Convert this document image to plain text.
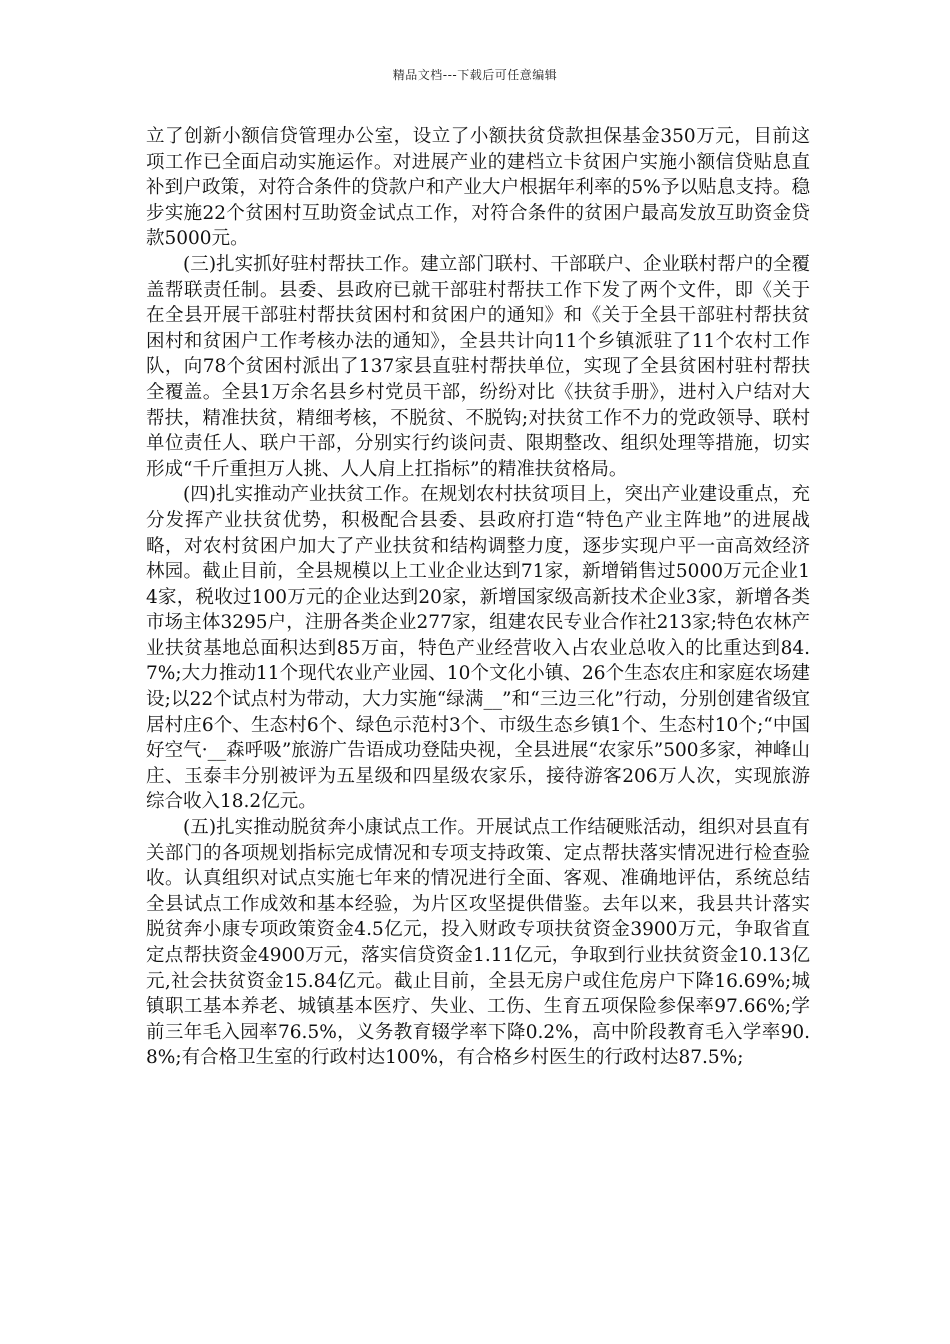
精品文档---下载后可任意编辑

立了创新小额信贷管理办公室，设立了小额扶贫贷款担保基金350万元，目前这项工作已全面启动实施运作。对进展产业的建档立卡贫困户实施小额信贷贴息直补到户政策，对符合条件的贷款户和产业大户根据年利率的5%予以贴息支持。稳步实施22个贫困村互助资金试点工作，对符合条件的贫困户最高发放互助资金贷款5000元。

(三)扎实抓好驻村帮扶工作。建立部门联村、干部联户、企业联村帮户的全覆盖帮联责任制。县委、县政府已就干部驻村帮扶工作下发了两个文件，即《关于在全县开展干部驻村帮扶贫困村和贫困户的通知》和《关于全县干部驻村帮扶贫困村和贫困户工作考核办法的通知》，全县共计向11个乡镇派驻了11个农村工作队，向78个贫困村派出了137家县直驻村帮扶单位，实现了全县贫困村驻村帮扶全覆盖。全县1万余名县乡村党员干部，纷纷对比《扶贫手册》，进村入户结对大帮扶，精准扶贫，精细考核，不脱贫、不脱钩;对扶贫工作不力的党政领导、联村单位责任人、联户干部，分别实行约谈问责、限期整改、组织处理等措施，切实形成“千斤重担万人挑、人人肩上扛指标”的精准扶贫格局。

(四)扎实推动产业扶贫工作。在规划农村扶贫项目上，突出产业建设重点，充分发挥产业扶贫优势，积极配合县委、县政府打造“特色产业主阵地”的进展战略，对农村贫困户加大了产业扶贫和结构调整力度，逐步实现户平一亩高效经济林园。截止目前，全县规模以上工业企业达到71家，新增销售过5000万元企业14家，税收过100万元的企业达到20家，新增国家级高新技术企业3家，新增各类市场主体3295户，注册各类企业277家，组建农民专业合作社213家;特色农林产业扶贫基地总面积达到85万亩，特色产业经营收入占农业总收入的比重达到84.7%;大力推动11个现代农业产业园、10个文化小镇、26个生态农庄和家庭农场建设;以22个试点村为带动，大力实施“绿满__”和“三边三化”行动，分别创建省级宜居村庄6个、生态村6个、绿色示范村3个、市级生态乡镇1个、生态村10个;“中国好空气·__森呼吸”旅游广告语成功登陆央视，全县进展“农家乐”500多家，神峰山庄、玉泰丰分别被评为五星级和四星级农家乐，接待游客206万人次，实现旅游综合收入18.2亿元。

(五)扎实推动脱贫奔小康试点工作。开展试点工作结硬账活动，组织对县直有关部门的各项规划指标完成情况和专项支持政策、定点帮扶落实情况进行检查验收。认真组织对试点实施七年来的情况进行全面、客观、准确地评估，系统总结全县试点工作成效和基本经验，为片区攻坚提供借鉴。去年以来，我县共计落实脱贫奔小康专项政策资金4.5亿元，投入财政专项扶贫资金3900万元，争取省直定点帮扶资金4900万元，落实信贷资金1.11亿元，争取到行业扶贫资金10.13亿元,社会扶贫资金15.84亿元。截止目前，全县无房户或住危房户下降16.69%;城镇职工基本养老、城镇基本医疗、失业、工伤、生育五项保险参保率97.66%;学前三年毛入园率76.5%，义务教育辍学率下降0.2%，高中阶段教育毛入学率90.8%;有合格卫生室的行政村达100%，有合格乡村医生的行政村达87.5%;
